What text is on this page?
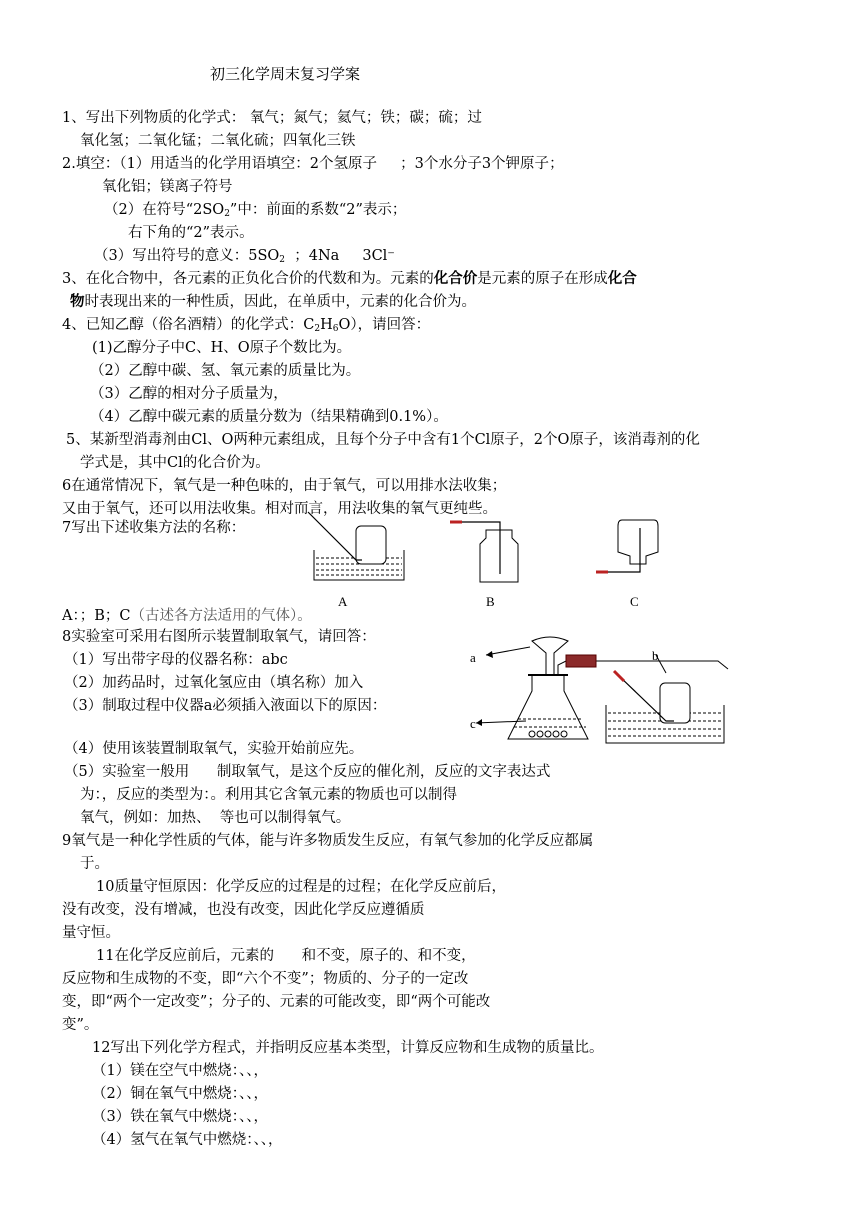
初三化学周末复习学案
1、写出下列物质的化学式： 氧气；氮气；氦气；铁；碳；硫；过
氧化氢；二氧化锰；二氧化硫；四氧化三铁
2.填空：（1）用适当的化学用语填空：2个氢原子 ；3个水分子3个钾原子；
氧化铝；镁离子符号
（2）在符号“$2SO_2$”中：前面的系数“2”表示；
右下角的“2”表示。
（3）写出符号的意义：$5SO_2$ ；4Na 3Cl⁻
3、在化合物中，各元素的正负化合价的代数和为。元素的化合价是元素的原子在形成化合
物时表现出来的一种性质，因此，在单质中，元素的化合价为。
4、已知乙醇（俗名酒精）的化学式：$C_2H_6O$），请回答：
(1)乙醇分子中C、H、O原子个数比为。
（2）乙醇中碳、氢、氧元素的质量比为。
（3）乙醇的相对分子质量为，
（4）乙醇中碳元素的质量分数为（结果精确到0.1%）。
5、某新型消毒剂由Cl、O两种元素组成，且每个分子中含有1个Cl原子，2个O原子，该消毒剂的化
学式是，其中Cl的化合价为。
6在通常情况下，氧气是一种色味的，由于氧气，可以用排水法收集；
又由于氧气，还可以用法收集。相对而言，用法收集的氧气更纯些。
7写出下述收集方法的名称：
A	B	C
A：；B；C（古述各方法适用的气体）。
8实验室可采用右图所示装置制取氧气，请回答：
（1）写出带字母的仪器名称：abc
（2）加药品时，过氧化氢应由（填名称）加入
（3）制取过程中仪器a必须插入液面以下的原因：
a	b
c
（4）使用该装置制取氧气，实验开始前应先。
（5）实验室一般用 制取氧气，是这个反应的催化剂，反应的文字表达式
为：，反应的类型为：。利用其它含氧元素的物质也可以制得
氧气，例如：加热、 等也可以制得氧气。
9氧气是一种化学性质的气体，能与许多物质发生反应，有氧气参加的化学反应都属
于。
10质量守恒原因：化学反应的过程是的过程；在化学反应前后，
没有改变，没有增减，也没有改变，因此化学反应遵循质
量守恒。
11在化学反应前后，元素的 和不变，原子的、和不变，
反应物和生成物的不变，即“六个不变”；物质的、分子的一定改
变，即“两个一定改变”；分子的、元素的可能改变，即“两个可能改
变”。
12写出下列化学方程式，并指明反应基本类型，计算反应物和生成物的质量比。
（1）镁在空气中燃烧：、、，
（2）铜在氧气中燃烧：、、，
（3）铁在氧气中燃烧：、、，
（4）氢气在氧气中燃烧：、、，
